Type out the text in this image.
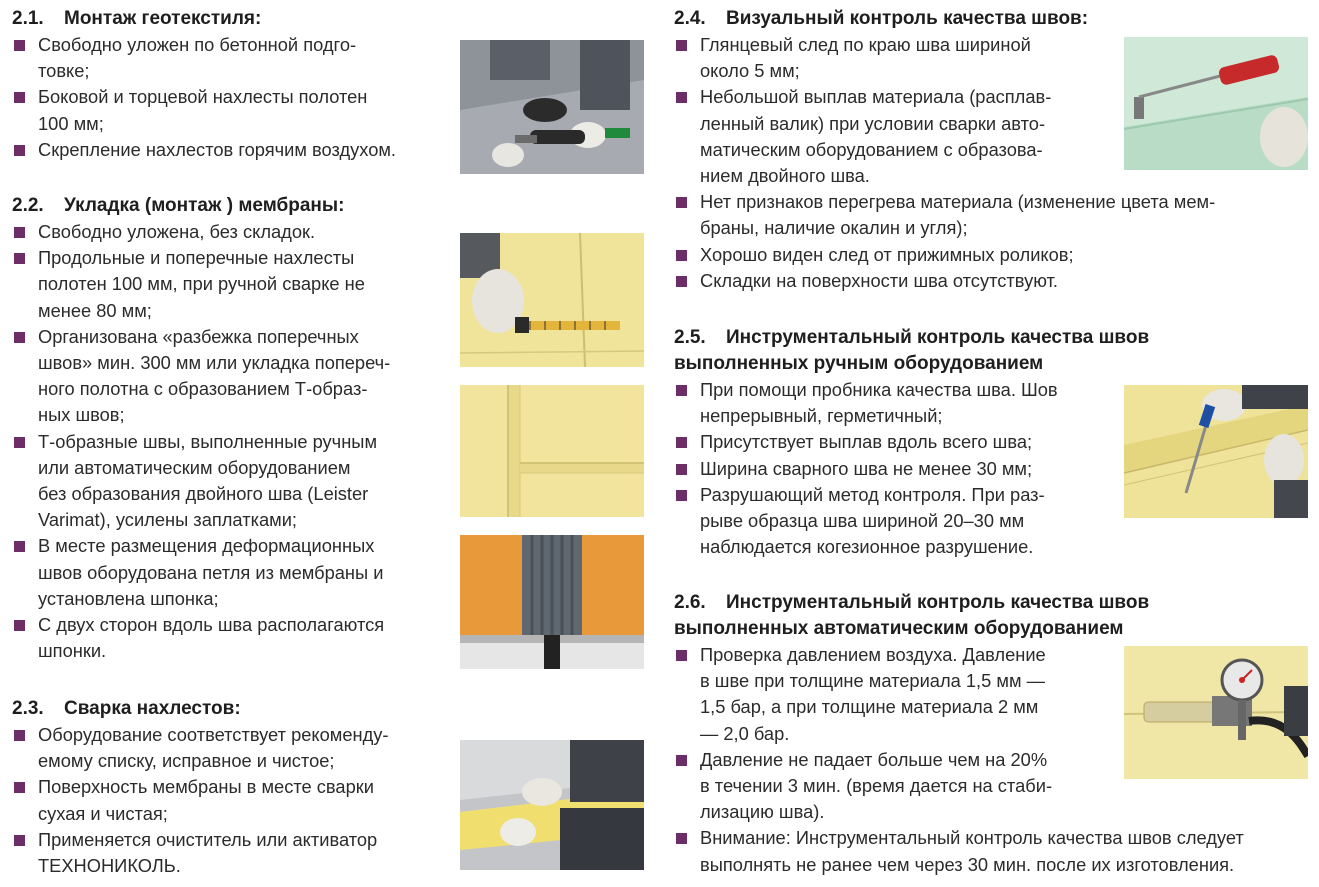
2.1. Монтаж геотекстиля:
Свободно уложен по бетонной подго-
товке;
Боковой и торцевой нахлесты полотен
100 мм;
Скрепление нахлестов горячим воздухом.
2.2. Укладка (монтаж ) мембраны:
Свободно уложена, без складок.
Продольные и поперечные нахлесты
полотен 100 мм, при ручной сварке не
менее 80 мм;
Организована «разбежка поперечных
швов» мин. 300 мм или укладка попереч-
ного полотна с образованием Т-образ-
ных швов;
Т-образные швы, выполненные ручным
или автоматическим оборудованием
без образования двойного шва (Leister
Varimat), усилены заплатками;
В месте размещения деформационных
швов оборудована петля из мембраны и
установлена шпонка;
С двух сторон вдоль шва располагаются
шпонки.
2.3. Сварка нахлестов:
Оборудование соответствует рекоменду-
емому списку, исправное и чистое;
Поверхность мембраны в месте сварки
сухая и чистая;
Применяется очиститель или активатор
ТЕХНОНИКОЛЬ.
2.4. Визуальный контроль качества швов:
Глянцевый след по краю шва шириной
около 5 мм;
Небольшой выплав материала (расплав-
ленный валик) при условии сварки авто-
матическим оборудованием с образова-
нием двойного шва.
Нет признаков перегрева материала (изменение цвета мем-
браны, наличие окалин и угля);
Хорошо виден след от прижимных роликов;
Складки на поверхности шва отсутствуют.
2.5. Инструментальный контроль качества швов
выполненных ручным оборудованием
При помощи пробника качества шва. Шов
непрерывный, герметичный;
Присутствует выплав вдоль всего шва;
Ширина сварного шва не менее 30 мм;
Разрушающий метод контроля. При раз-
рыве образца шва шириной 20–30 мм
наблюдается когезионное разрушение.
2.6. Инструментальный контроль качества швов
выполненных автоматическим оборудованием
Проверка давлением воздуха. Давление
в шве при толщине материала 1,5 мм —
1,5 бар, а при толщине материала 2 мм
— 2,0 бар.
Давление не падает больше чем на 20%
в течении 3 мин. (время дается на стаби-
лизацию шва).
Внимание: Инструментальный контроль качества швов следует
выполнять не ранее чем через 30 мин. после их изготовления.
